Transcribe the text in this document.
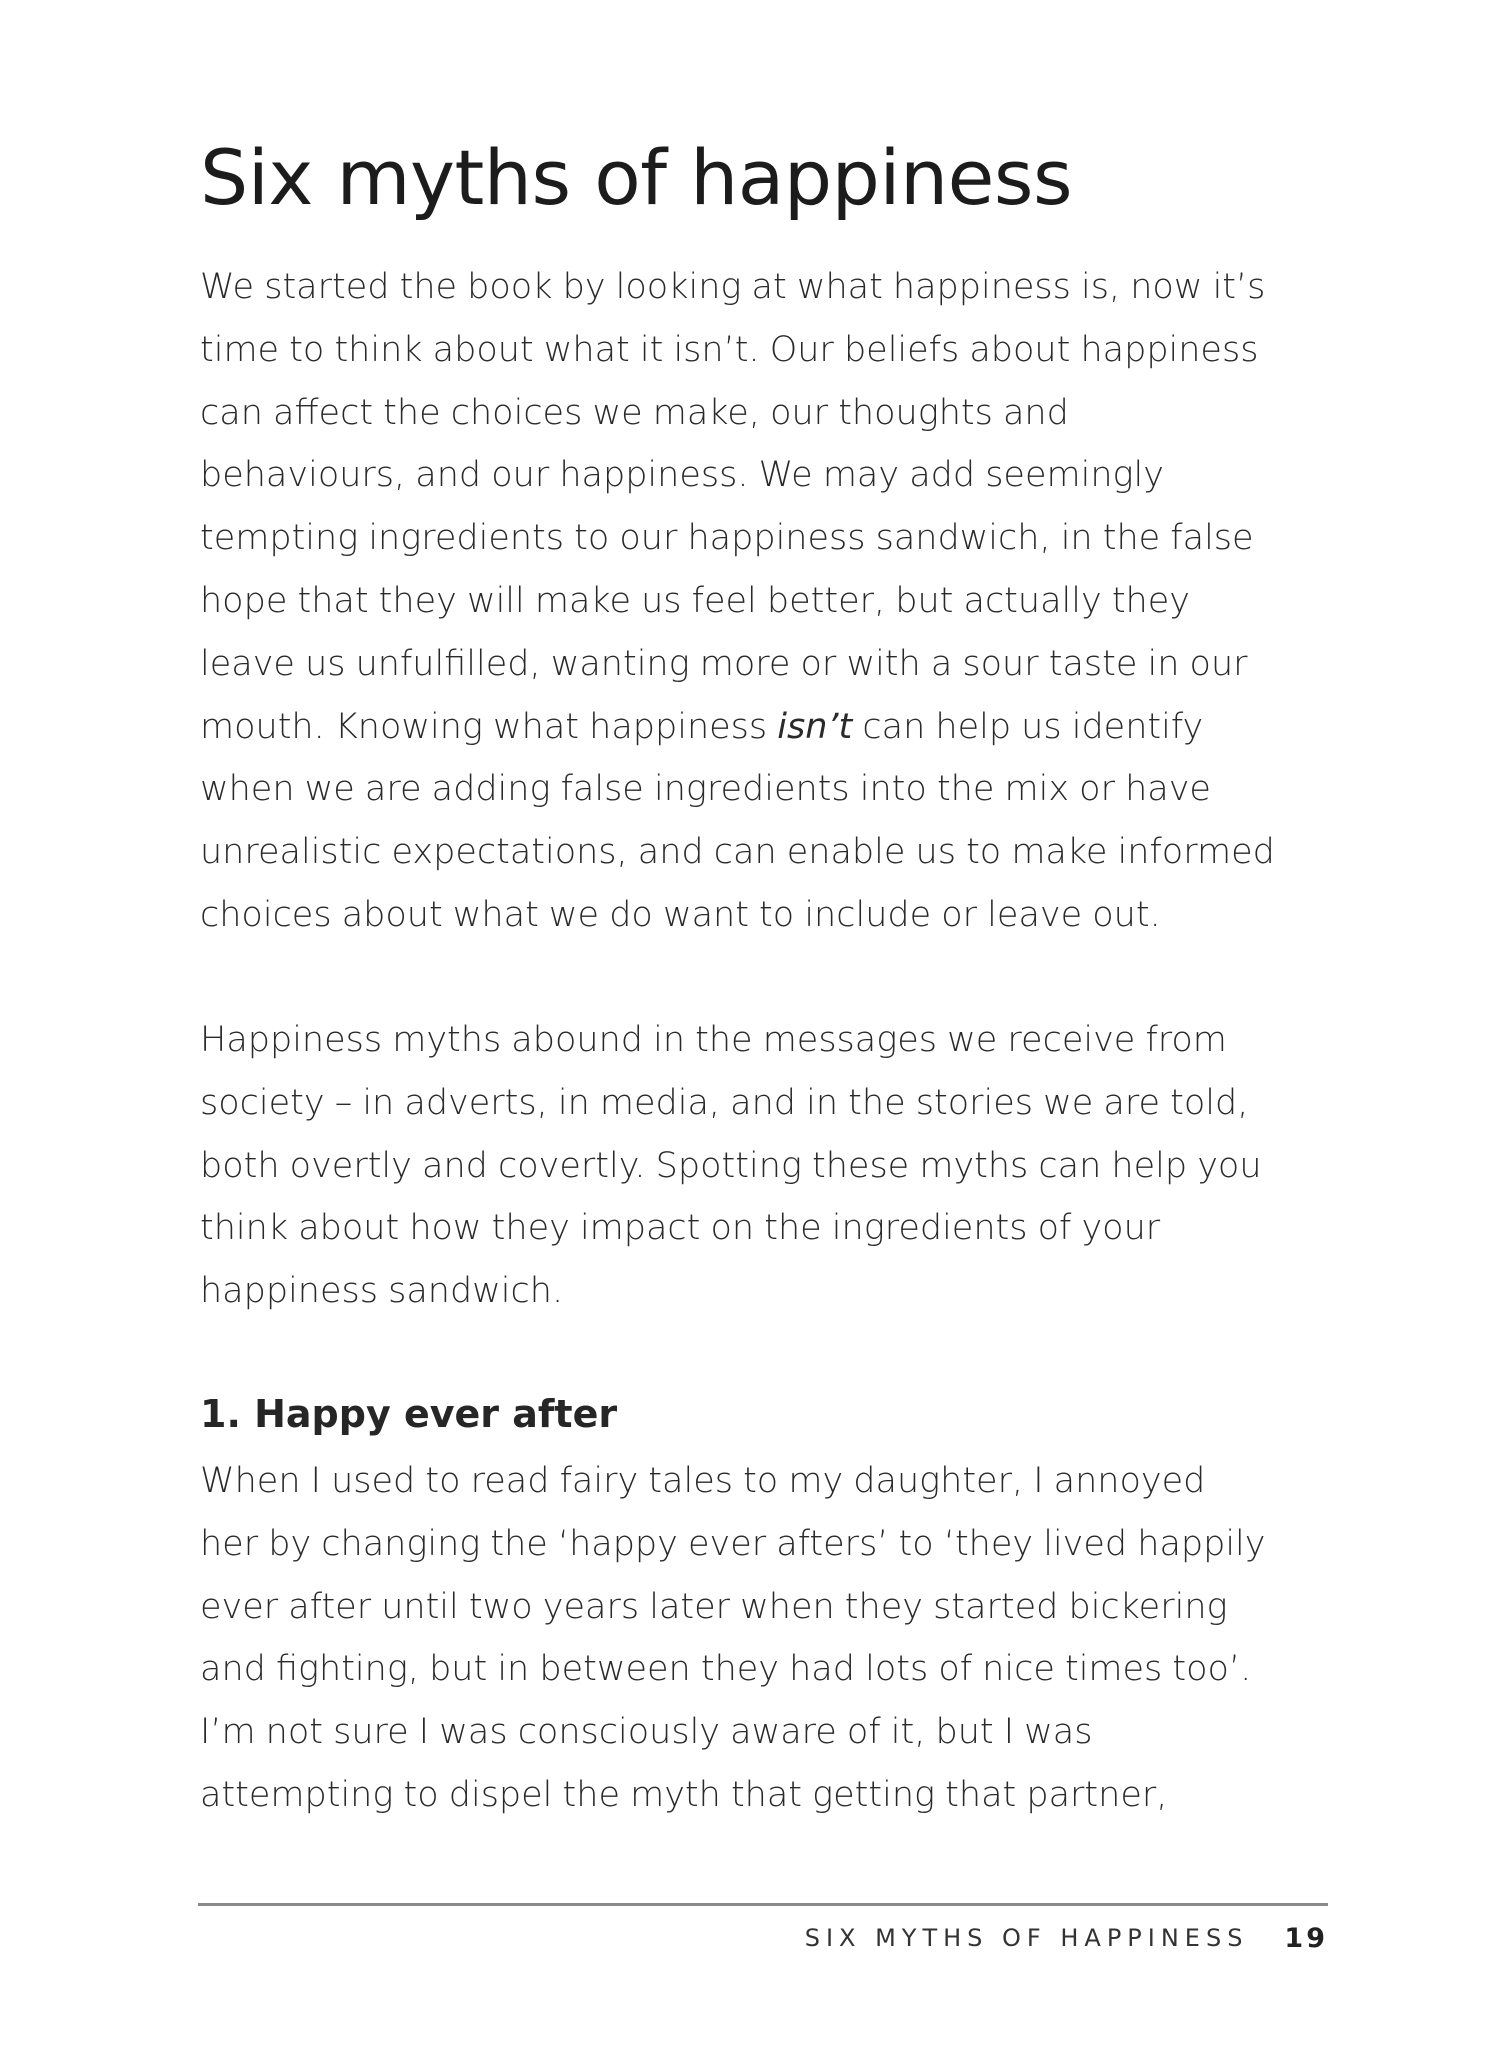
Six myths of happiness

We started the book by looking at what happiness is, now it’s
time to think about what it isn’t. Our beliefs about happiness
can affect the choices we make, our thoughts and
behaviours, and our happiness. We may add seemingly
tempting ingredients to our happiness sandwich, in the false
hope that they will make us feel better, but actually they
leave us unfulfilled, wanting more or with a sour taste in our
mouth. Knowing what happiness isn’t can help us identify
when we are adding false ingredients into the mix or have
unrealistic expectations, and can enable us to make informed
choices about what we do want to include or leave out.

Happiness myths abound in the messages we receive from
society – in adverts, in media, and in the stories we are told,
both overtly and covertly. Spotting these myths can help you
think about how they impact on the ingredients of your
happiness sandwich.

1. Happy ever after

When I used to read fairy tales to my daughter, I annoyed
her by changing the ‘happy ever afters’ to ‘they lived happily
ever after until two years later when they started bickering
and fighting, but in between they had lots of nice times too’.
I’m not sure I was consciously aware of it, but I was
attempting to dispel the myth that getting that partner,

SIX MYTHS OF HAPPINESS 19
